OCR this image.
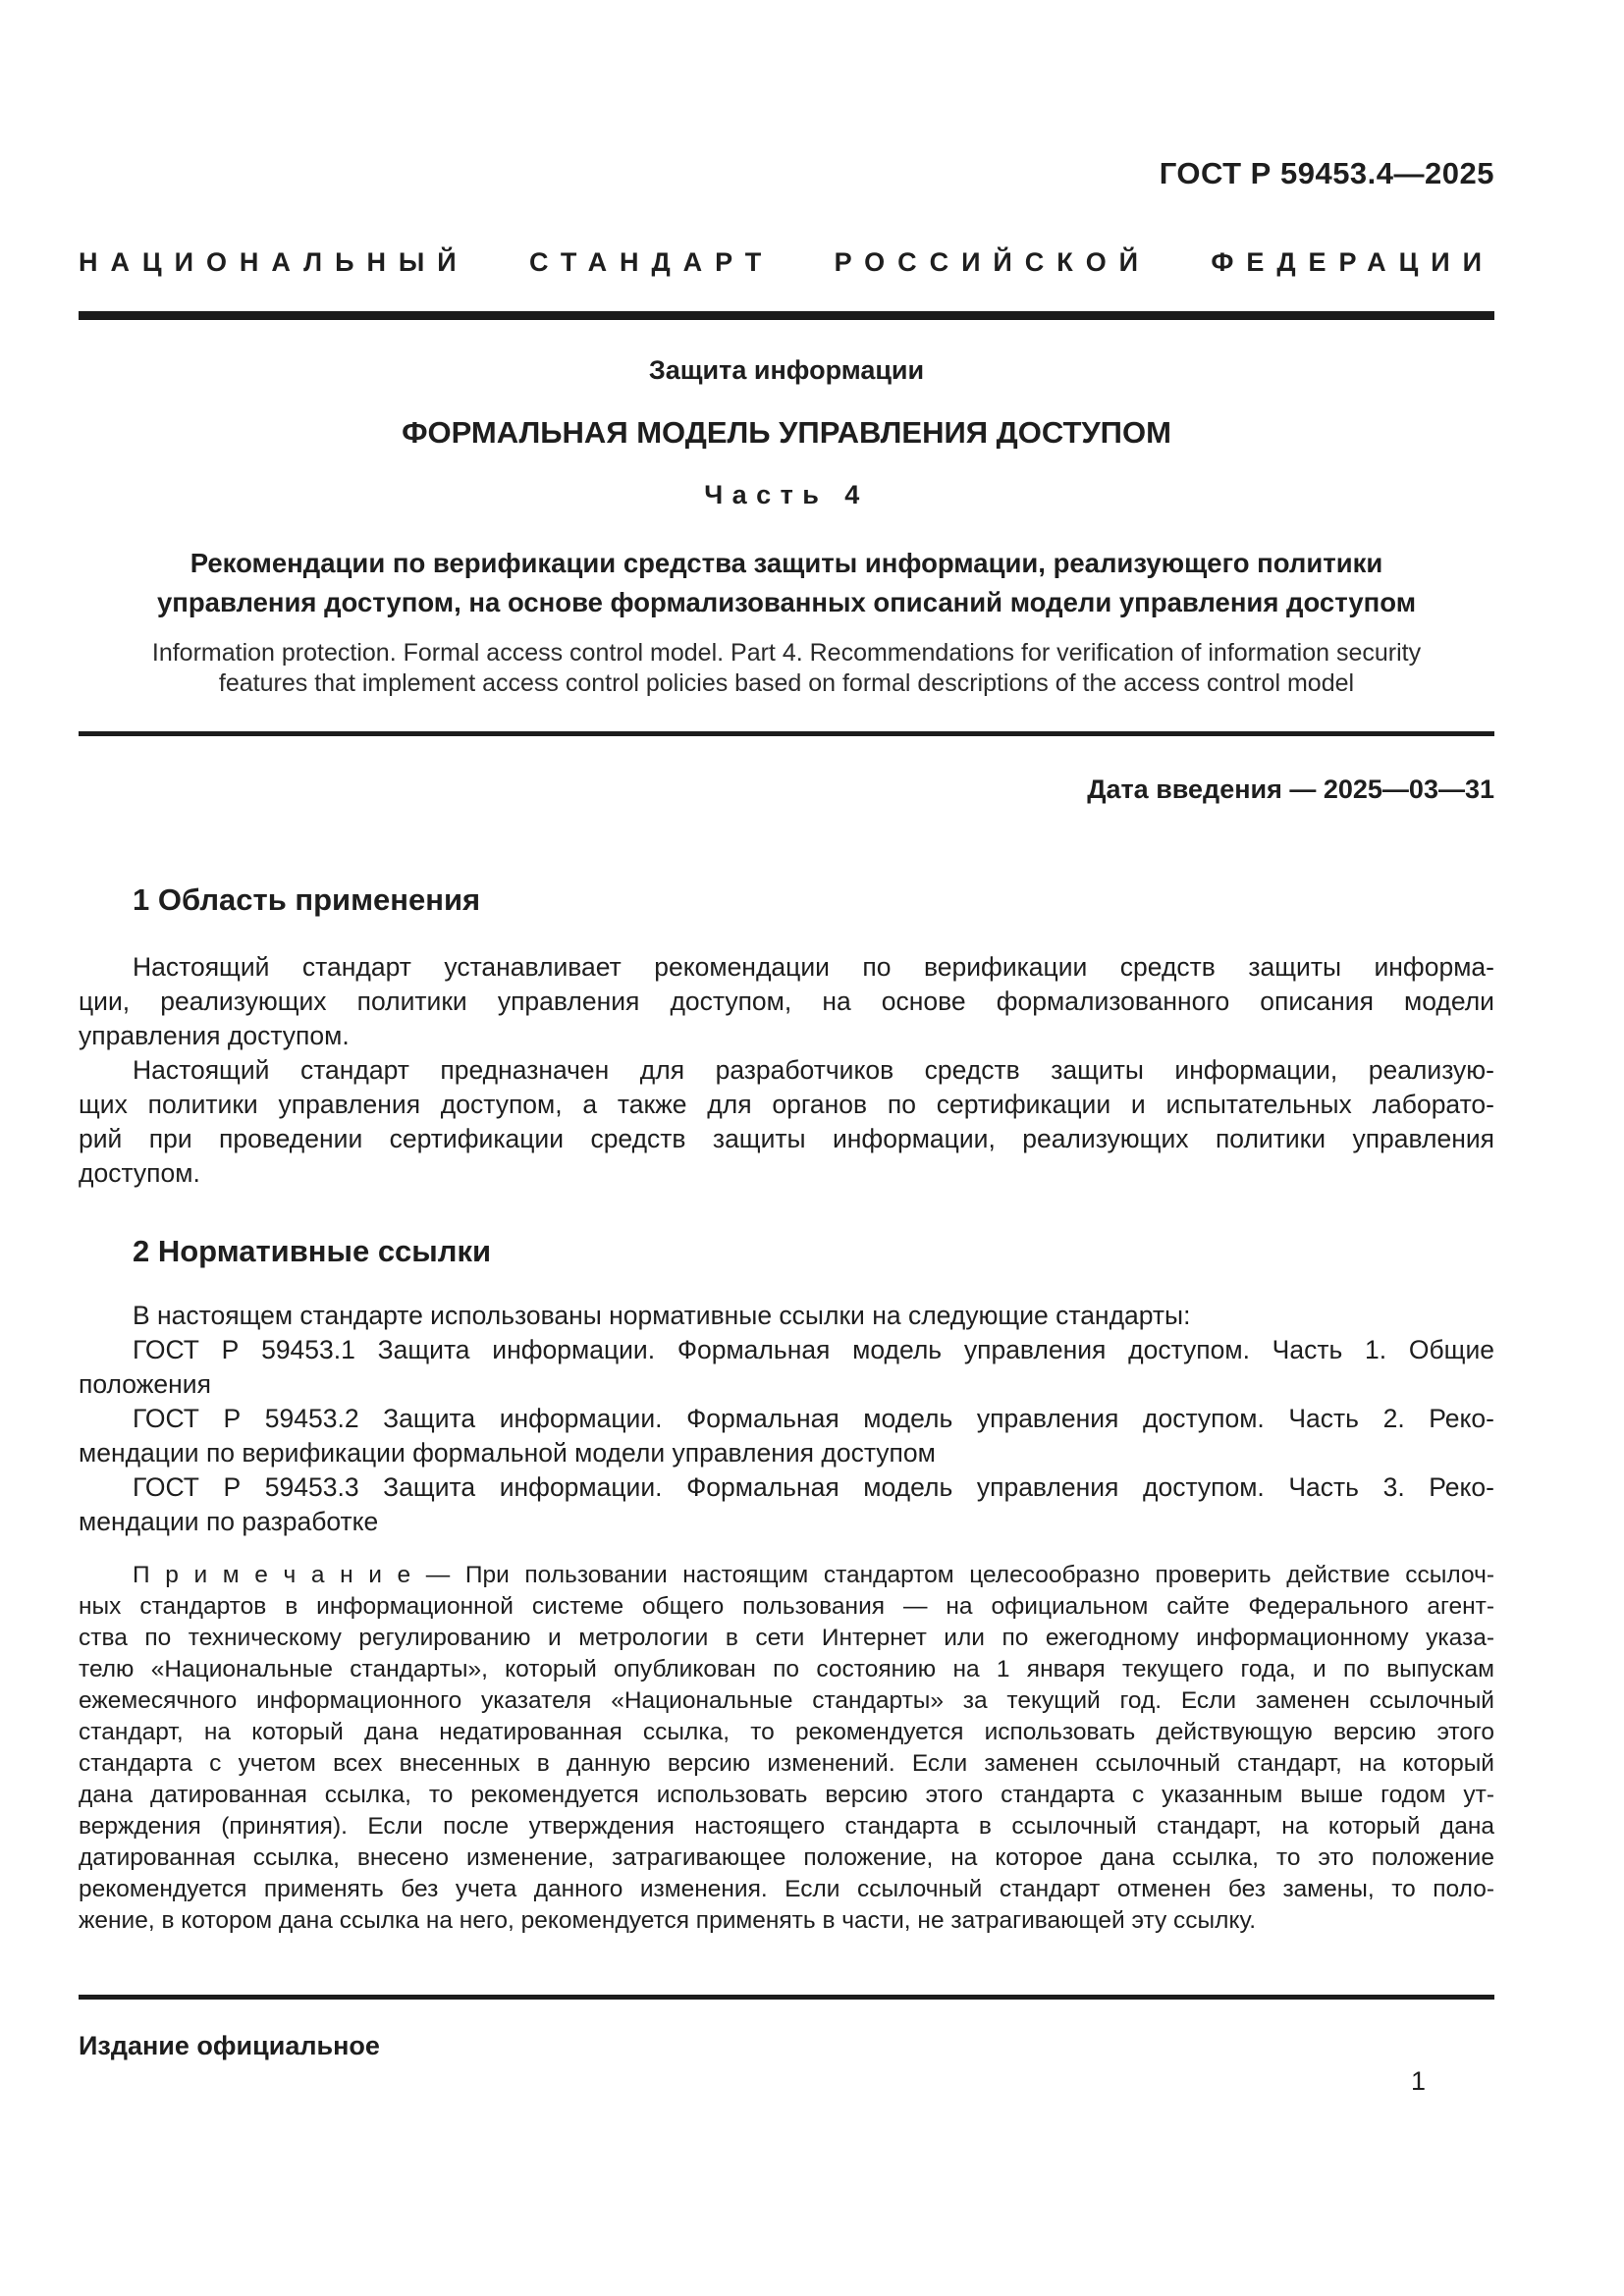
ГОСТ Р 59453.4—2025
НАЦИОНАЛЬНЫЙ СТАНДАРТ РОССИЙСКОЙ ФЕДЕРАЦИИ
Защита информации
ФОРМАЛЬНАЯ МОДЕЛЬ УПРАВЛЕНИЯ ДОСТУПОМ
Часть 4
Рекомендации по верификации средства защиты информации, реализующего политики
управления доступом, на основе формализованных описаний модели управления доступом
Information protection. Formal access control model. Part 4. Recommendations for verification of information security
features that implement access control policies based on formal descriptions of the access control model
Дата введения — 2025—03—31
1 Область применения
Настоящий стандарт устанавливает рекомендации по верификации средств защиты информа-
ции, реализующих политики управления доступом, на основе формализованного описания модели
управления доступом.
Настоящий стандарт предназначен для разработчиков средств защиты информации, реализую-
щих политики управления доступом, а также для органов по сертификации и испытательных лаборато-
рий при проведении сертификации средств защиты информации, реализующих политики управления
доступом.
2 Нормативные ссылки
В настоящем стандарте использованы нормативные ссылки на следующие стандарты:
ГОСТ Р 59453.1 Защита информации. Формальная модель управления доступом. Часть 1. Общие
положения
ГОСТ Р 59453.2 Защита информации. Формальная модель управления доступом. Часть 2. Реко-
мендации по верификации формальной модели управления доступом
ГОСТ Р 59453.3 Защита информации. Формальная модель управления доступом. Часть 3. Реко-
мендации по разработке
П р и м е ч а н и е — При пользовании настоящим стандартом целесообразно проверить действие ссылоч-
ных стандартов в информационной системе общего пользования — на официальном сайте Федерального агент-
ства по техническому регулированию и метрологии в сети Интернет или по ежегодному информационному указа-
телю «Национальные стандарты», который опубликован по состоянию на 1 января текущего года, и по выпускам
ежемесячного информационного указателя «Национальные стандарты» за текущий год. Если заменен ссылочный
стандарт, на который дана недатированная ссылка, то рекомендуется использовать действующую версию этого
стандарта с учетом всех внесенных в данную версию изменений. Если заменен ссылочный стандарт, на который
дана датированная ссылка, то рекомендуется использовать версию этого стандарта с указанным выше годом ут-
верждения (принятия). Если после утверждения настоящего стандарта в ссылочный стандарт, на который дана
датированная ссылка, внесено изменение, затрагивающее положение, на которое дана ссылка, то это положение
рекомендуется применять без учета данного изменения. Если ссылочный стандарт отменен без замены, то поло-
жение, в котором дана ссылка на него, рекомендуется применять в части, не затрагивающей эту ссылку.
Издание официальное
1
